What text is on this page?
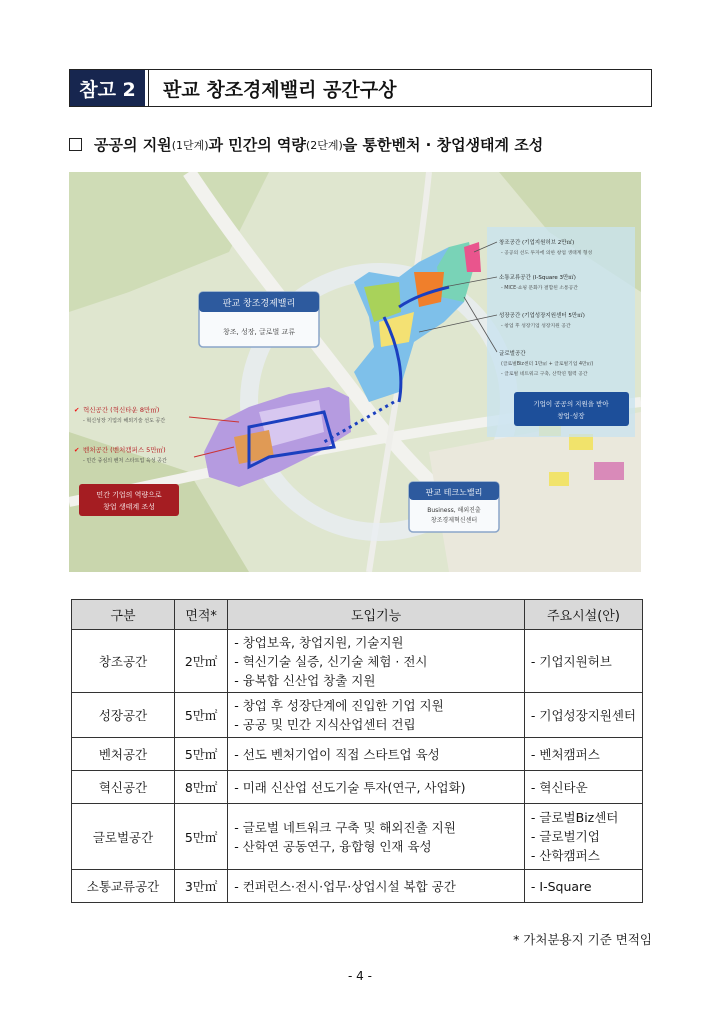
참고 2	판교 창조경제밸리 공간구상
공공의 지원 (1단계) 과 민간의 역량 (2단계) 을 통한 벤처 · 창업생태계 조성
판교 창조경제밸리
창조, 성장, 글로벌 교류
판교 테크노밸리
Business, 해외진출
창조경제혁신센터
✔ 혁신공간 (혁신타운 8만㎡)
- 혁신성장 기업의 해외기술 선도 공간
✔ 벤처공간 (벤처캠퍼스 5만㎡)
- 민간 중심의 벤처 스타트업 육성 공간
민간 기업의 역량으로
창업 생태계 조성
창조공간 (기업지원허브 2만㎡)
- 공공의 선도 투자에 의한 창업 생태계 형성
소통교류공간 (I-Square 3만㎡)
- MICE·쇼핑 문화가 결합된 소통공간
성장공간 (기업성장지원센터 5만㎡)
- 창업 후 성장기업 성장지원 공간
글로벌공간
(글로벌Biz센터 1만㎡ + 글로벌기업 4만㎡)
- 글로벌 네트워크 구축, 산학연 협력 공간
기업이 공공의 지원을 받아
창업·성장
구분	면적*	도입기능	주요시설(안)
창조공간	2만㎡	- 창업보육, 창업지원, 기술지원
- 혁신기술 실증, 신기술 체험 · 전시
- 융복합 신산업 창출 지원	- 기업지원허브

성장공간	5만㎡	- 창업 후 성장단계에 진입한 기업 지원
- 공공 및 민간 지식산업센터 건립	- 기업성장지원센터

벤처공간	5만㎡	- 선도 벤처기업이 직접 스타트업 육성	- 벤처캠퍼스

혁신공간	8만㎡	- 미래 신산업 선도기술 투자(연구, 사업화)	- 혁신타운

글로벌공간	5만㎡	- 글로벌 네트워크 구축 및 해외진출 지원
- 산학연 공동연구, 융합형 인재 육성	- 글로벌Biz센터
- 글로벌기업
- 산학캠퍼스

소통교류공간	3만㎡	- 컨퍼런스·전시·업무·상업시설 복합 공간	- I-Square
* 가처분용지 기준 면적임
- 4 -
